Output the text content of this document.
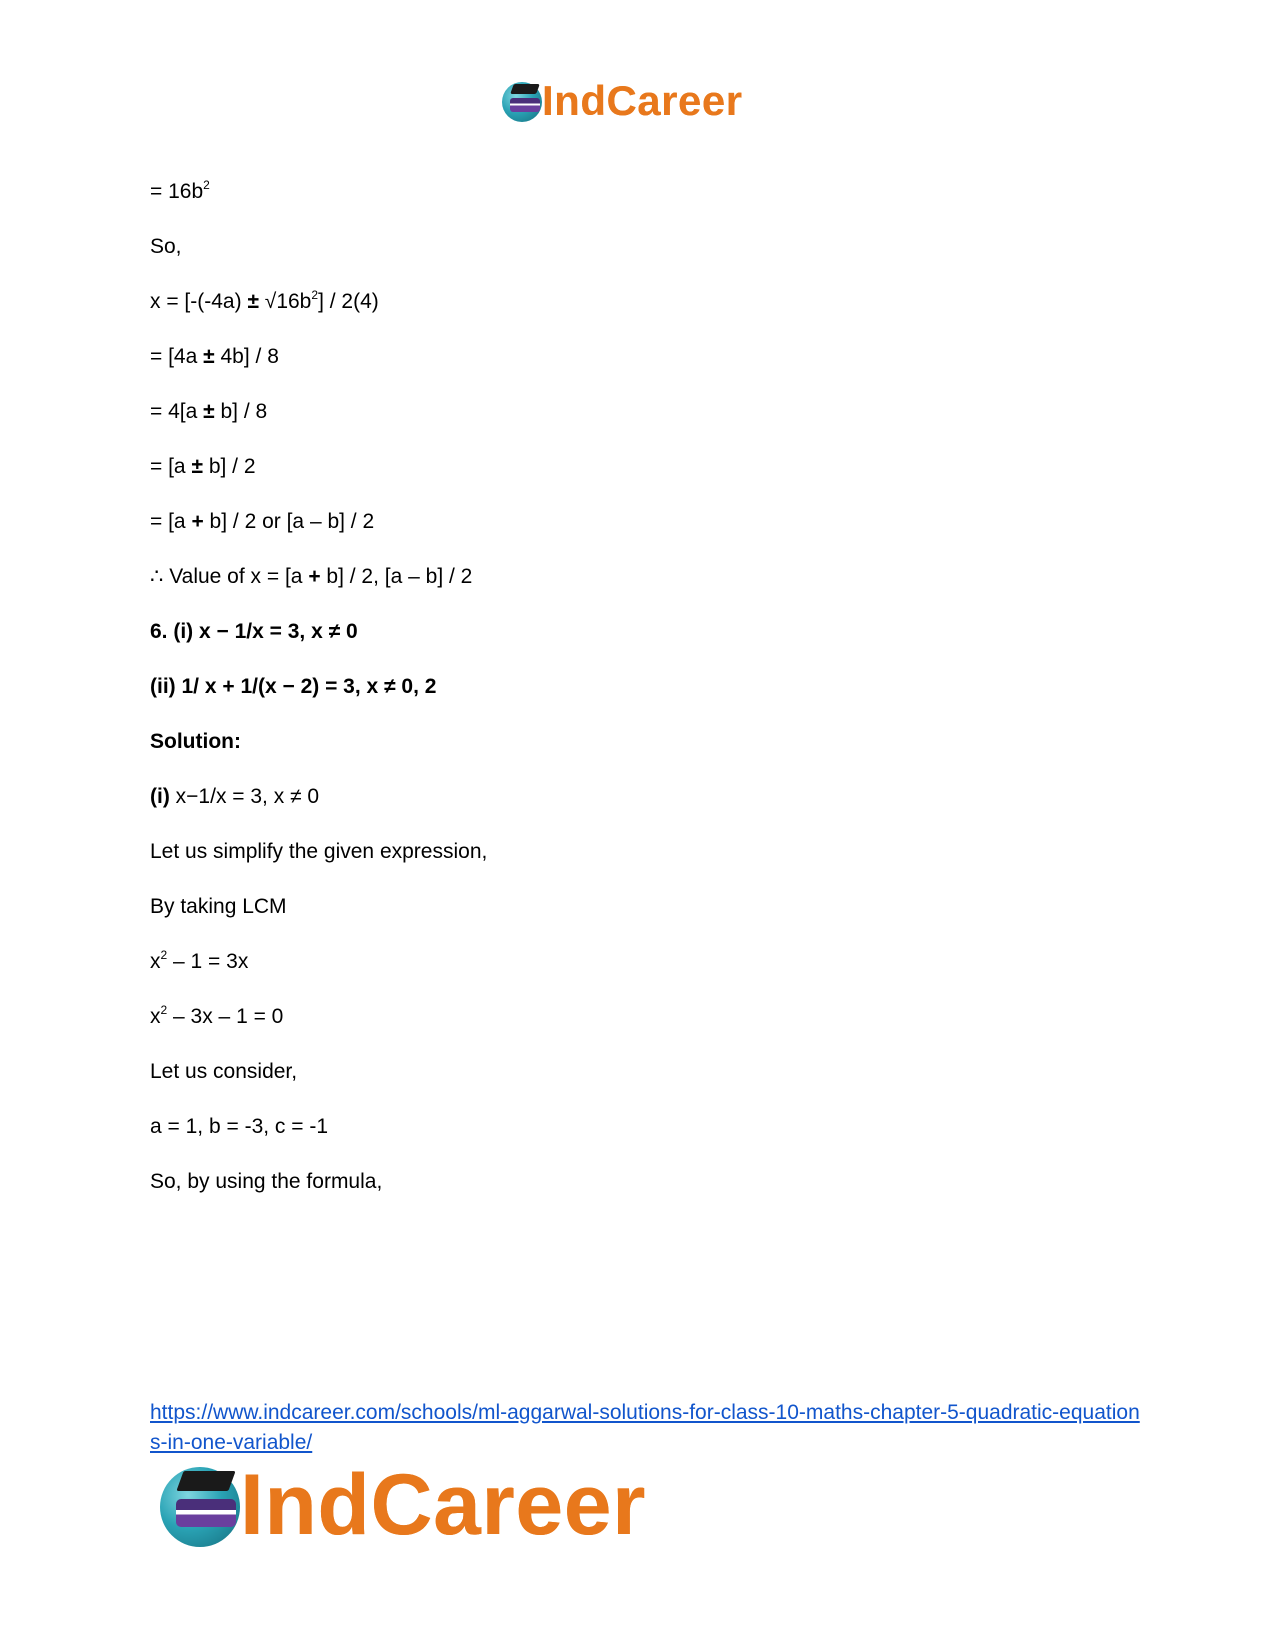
IndCareer
= $16b^2$
So,
$x = [-(-4a) \pm √16b^2] / 2(4)$
= [4a ± 4b] / 8
= 4[a ± b] / 8
= [a ± b] / 2
= [a + b] / 2 or [a – b] / 2
∴ Value of x = [a + b] / 2, [a – b] / 2
6. (i) x − 1/x = 3, x ≠ 0
(ii) 1/ x + 1/(x − 2) = 3, x ≠ 0, 2
Solution:
(i) x−1/x = 3, x ≠ 0
Let us simplify the given expression,
By taking LCM
$x^2 - 1 = 3x$
$x^2 - 3x - 1 = 0$
Let us consider,
a = 1, b = -3, c = -1
So, by using the formula,
https://www.indcareer.com/schools/ml-aggarwal-solutions-for-class-10-maths-chapter-5-quadratic-equations-in-one-variable/
IndCareer
